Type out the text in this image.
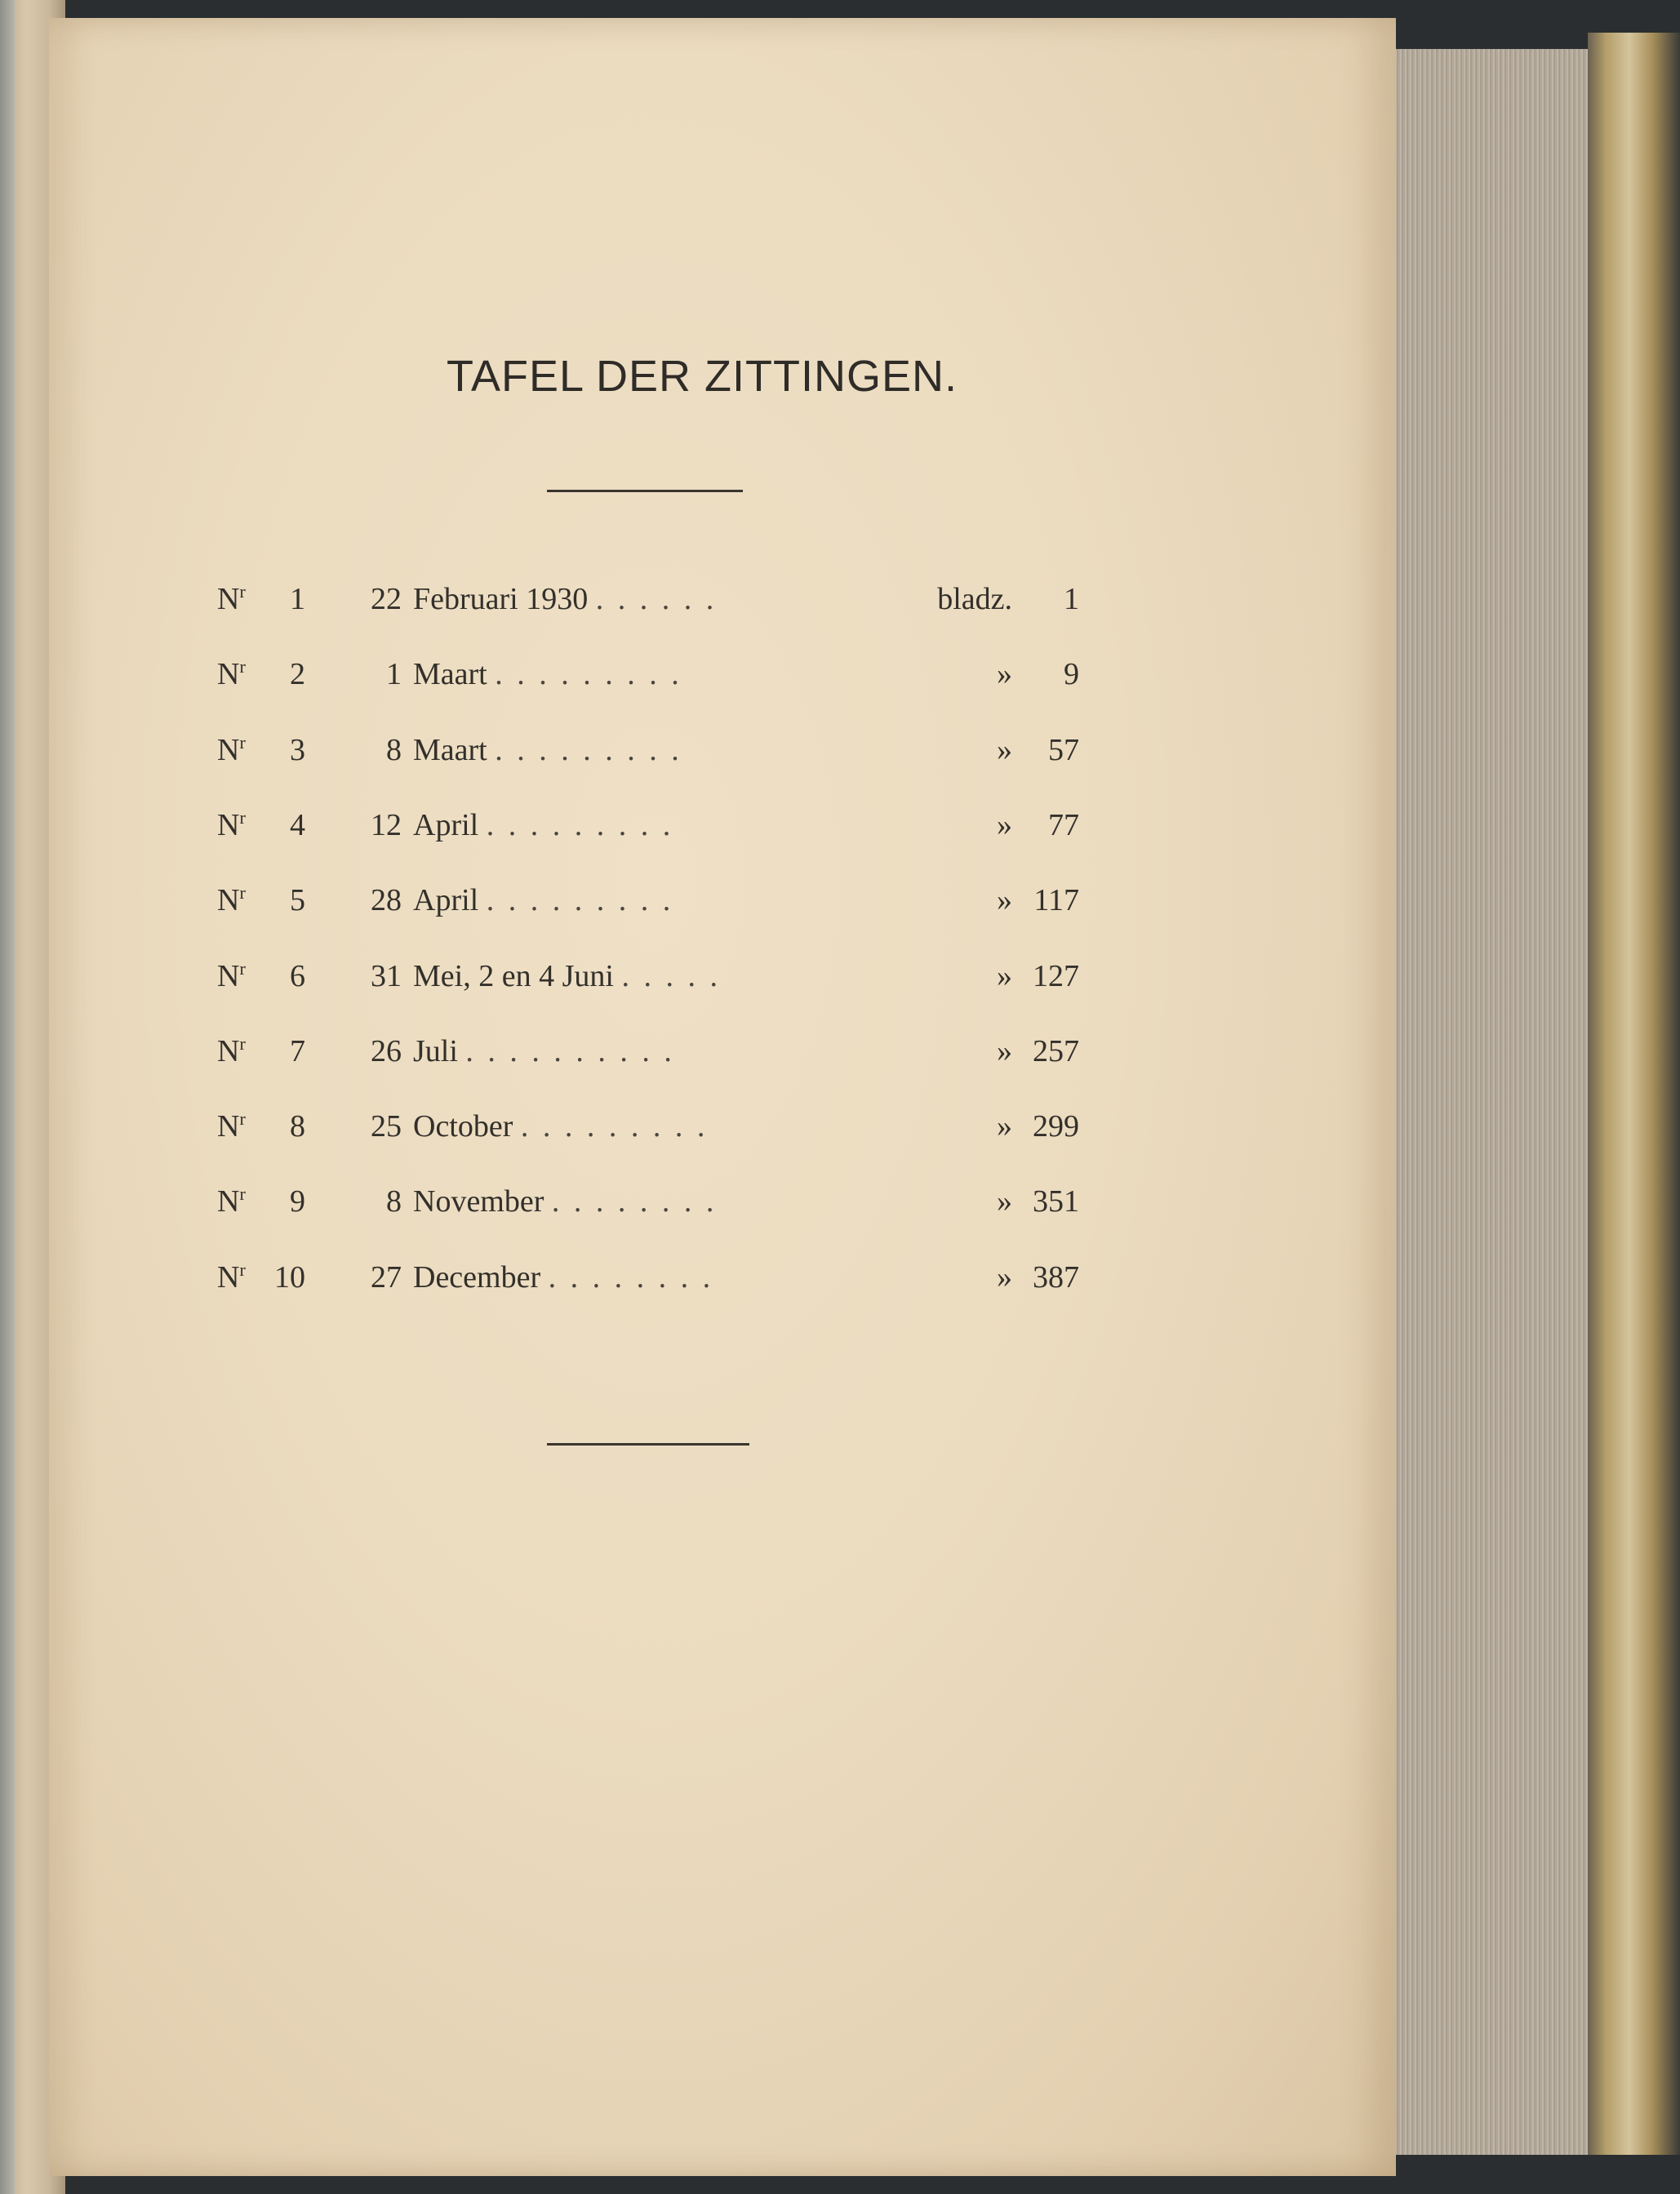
TAFEL DER ZITTINGEN.
$N^r$	1 22 Februari 1930 . . . . . .	bladz.	1
$N^r$	2	1 Maart . . . . . . . . .	»	9
$N^r$	3	8 Maart . . . . . . . . .	»	57
$N^r$	4 12 April . . . . . . . . .	»	77
$N^r$	5 28 April . . . . . . . . .	» 117
$N^r$	6 31 Mei, 2 en 4 Juni . . . . .	» 127
$N^r$	7 26 Juli . . . . . . . . . .	» 257
$N^r$	8 25 October . . . . . . . . .	» 299
$N^r$	9	8 November . . . . . . . .	» 351
$N^r$ 10 27 December . . . . . . . .	» 387
